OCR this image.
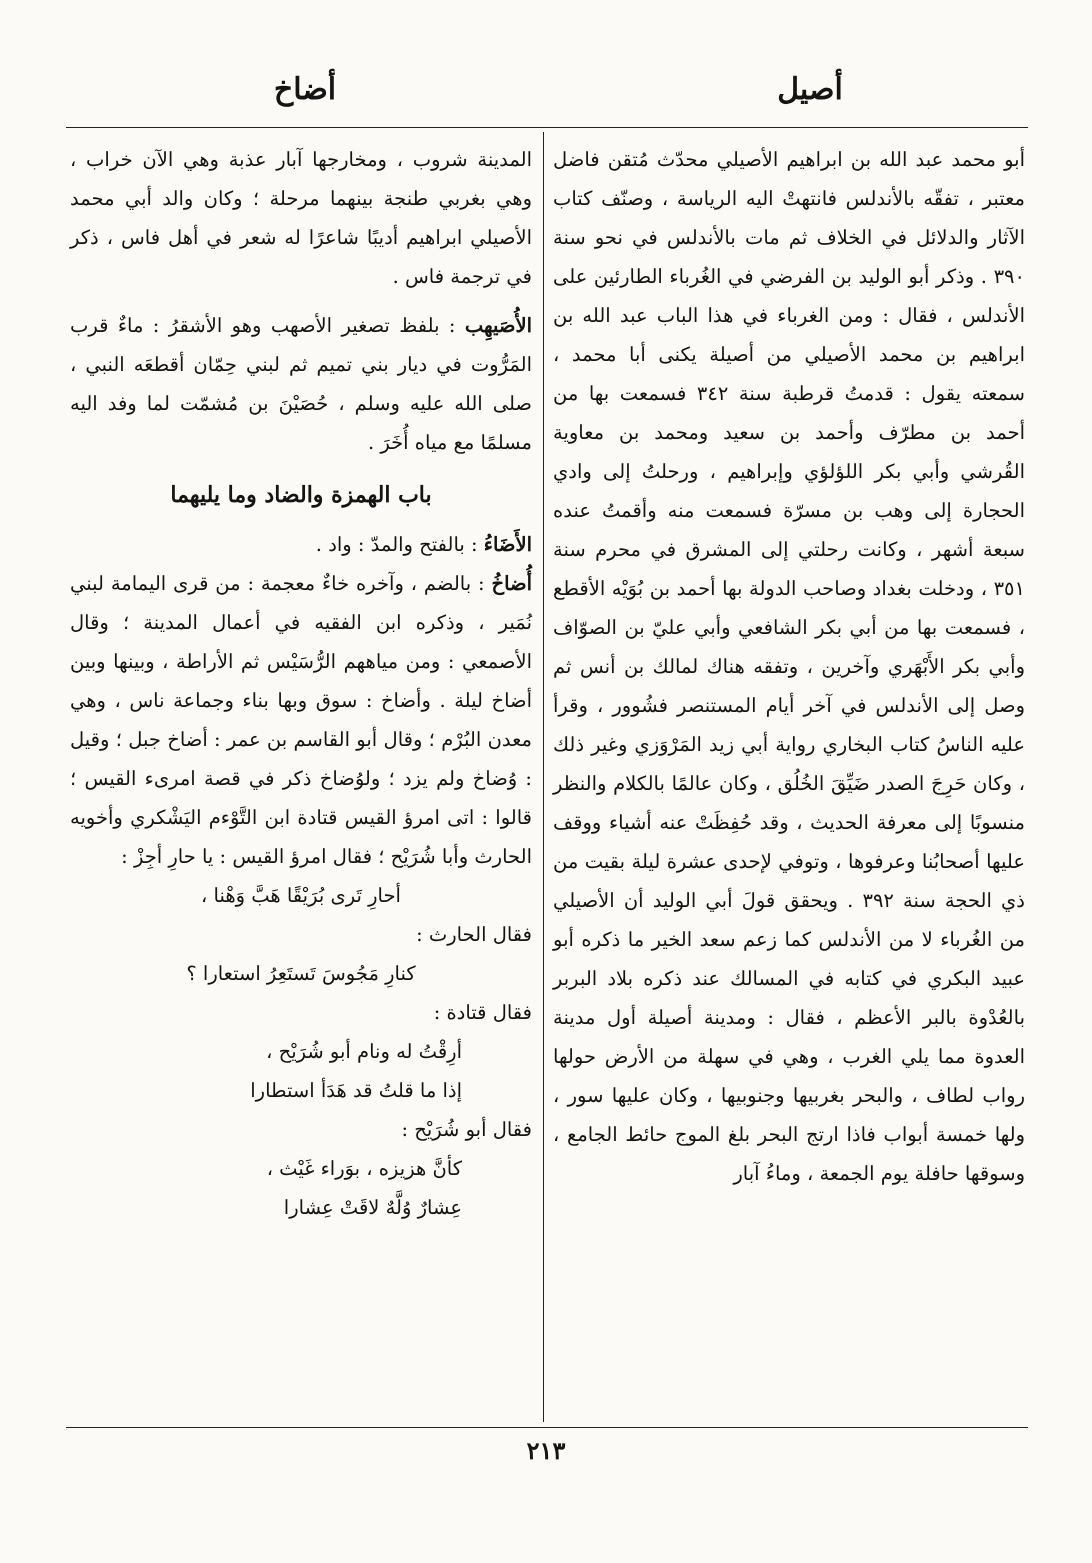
أصيل
أضاخ

أبو محمد عبد الله بن ابراهيم الأصيلي محدّث مُتقن فاضل معتبر ، تفقّه بالأندلس فانتهتْ اليه الرياسة ، وصنّف كتاب الآثار والدلائل في الخلاف ثم مات بالأندلس في نحو سنة ٣٩٠ . وذكر أبو الوليد بن الفرضي في الغُرباء الطارئين على الأندلس ، فقال : ومن الغرباء في هذا الباب عبد الله بن ابراهيم بن محمد الأصيلي من أصيلة يكنى أبا محمد ، سمعته يقول : قدمتُ قرطبة سنة ٣٤٢ فسمعت بها من أحمد بن مطرّف وأحمد بن سعيد ومحمد بن معاوية القُرشي وأبي بكر اللؤلؤي وإبراهيم ، ورحلتُ إلى وادي الحجارة إلى وهب بن مسرّة فسمعت منه وأقمتُ عنده سبعة أشهر ، وكانت رحلتي إلى المشرق في محرم سنة ٣٥١ ، ودخلت بغداد وصاحب الدولة بها أحمد بن بُوَيْه الأقطع ، فسمعت بها من أبي بكر الشافعي وأبي عليّ بن الصوّاف وأبي بكر الأَبْهَري وآخرين ، وتفقه هناك لمالك بن أنس ثم وصل إلى الأندلس في آخر أيام المستنصر فشُوور ، وقرأ عليه الناسُ كتاب البخاري رواية أبي زيد المَرْوَزي وغير ذلك ، وكان حَرِجَ الصدر ضَيِّقَ الخُلُق ، وكان عالمًا بالكلام والنظر منسوبًا إلى معرفة الحديث ، وقد حُفِظَتْ عنه أشياء ووقف عليها أصحابُنا وعرفوها ، وتوفي لإحدى عشرة ليلة بقيت من ذي الحجة سنة ٣٩٢ . ويحقق قولَ أبي الوليد أن الأصيلي من الغُرباء لا من الأندلس كما زعم سعد الخير ما ذكره أبو عبيد البكري في كتابه في المسالك عند ذكره بلاد البربر بالعُدْوة بالبر الأعظم ، فقال : ومدينة أصيلة أول مدينة العدوة مما يلي الغرب ، وهي في سهلة من الأرض حولها رواب لطاف ، والبحر بغربيها وجنوبيها ، وكان عليها سور ، ولها خمسة أبواب فاذا ارتج البحر بلغ الموج حائط الجامع ، وسوقها حافلة يوم الجمعة ، وماءُ آبار

المدينة شروب ، ومخارجها آبار عذبة وهي الآن خراب ، وهي بغربي طنجة بينهما مرحلة ؛ وكان والد أبي محمد الأصيلي ابراهيم أديبًا شاعرًا له شعر في أهل فاس ، ذكر في ترجمة فاس .

الأُصَيهِب : بلفظ تصغير الأصهب وهو الأشقرُ : ماءٌ قرب المَرُّوت في ديار بني تميم ثم لبني حِمّان أقطعَه النبي ، صلى الله عليه وسلم ، حُصَيْنَ بن مُشمّت لما وفد اليه مسلمًا مع مياه أُخَرَ .

باب الهمزة والضاد وما يليهما

الأَضَاءُ : بالفتح والمدّ : واد .

أُضاخُ : بالضم ، وآخره خاءٌ معجمة : من قرى اليمامة لبني نُمَير ، وذكره ابن الفقيه في أعمال المدينة ؛ وقال الأصمعي : ومن مياههم الرُّسَيْس ثم الأراطة ، وبينها وبين أضاخ ليلة . وأضاخ : سوق وبها بناء وجماعة ناس ، وهي معدن البُرْم ؛ وقال أبو القاسم بن عمر : أضاخ جبل ؛ وقيل : وُضاخ ولم يزد ؛ ولوُضاخ ذكر في قصة امرىء القيس ؛ قالوا : اتى امرؤ القيس قتادة ابن التَّوْءم اليَشْكري وأخويه الحارث وأبا شُرَيْح ؛ فقال امرؤ القيس : يا حارِ أجِزْ :

أحارِ تَرى بُرَيْقًا هَبَّ وَهْنا ،

فقال الحارث :

كنارِ مَجُوسَ تَستَعِرُ استعارا ؟

فقال قتادة :

أرِقْتُ له ونام أبو شُرَيْح ،

إذا ما قلتُ قد هَدَأ استطارا

فقال أبو شُرَيْح :

كأنَّ هزيزه ، بوَراء غَيْث ،

عِشارٌ وُلَّهٌ لاقَتْ عِشارا

٢١٣
